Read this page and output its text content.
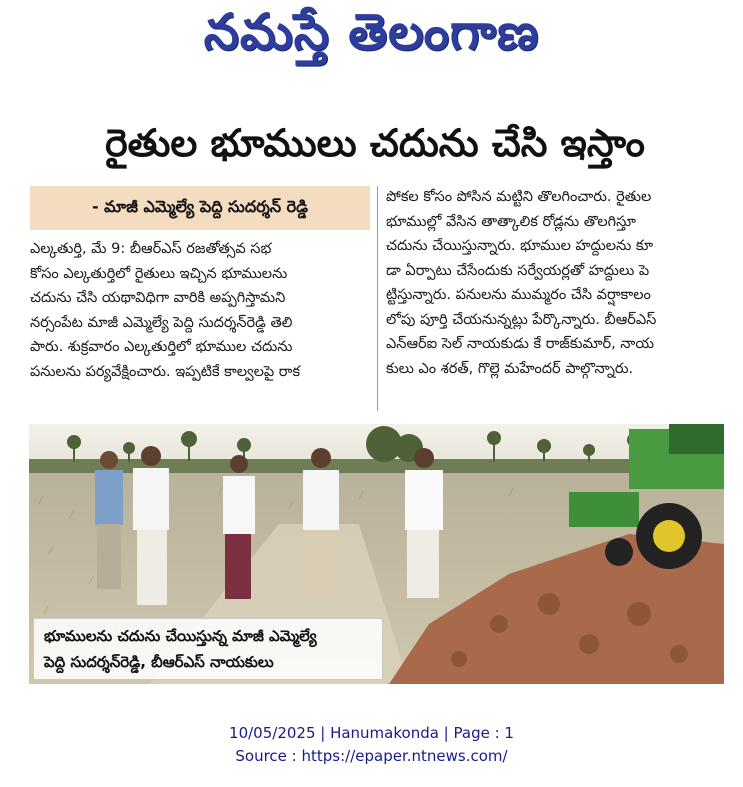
నమస్తే తెలంగాణ
రైతుల భూములు చదును చేసి ఇస్తాం
- మాజీ ఎమ్మెల్యే పెద్ది సుదర్శన్ రెడ్డి
ఎల్కతుర్తి, మే 9: బీఆర్ఎస్ రజతోత్సవ సభ
కోసం ఎల్కతుర్తిలో రైతులు ఇచ్చిన భూములను
చదును చేసి యథావిధిగా వారికి అప్పగిస్తామని
నర్సంపేట మాజీ ఎమ్మెల్యే పెద్ది సుదర్శన్‌రెడ్డి తెలి
పారు. శుక్రవారం ఎల్కతుర్తిలో భూముల చదును
పనులను పర్యవేక్షించారు. ఇప్పటికే కాల్వలపై రాక
పోకల కోసం పోసిన మట్టిని తొలగించారు. రైతుల
భూముల్లో వేసిన తాత్కాలిక రోడ్లను తొలగిస్తూ
చదును చేయిస్తున్నారు. భూముల హద్దులను కూ
డా ఏర్పాటు చేసేందుకు సర్వేయర్లతో హద్దులు పె
ట్టిస్తున్నారు. పనులను ముమ్మరం చేసి వర్షాకాలం
లోపు పూర్తి చేయనున్నట్లు పేర్కొన్నారు. బీఆర్ఎస్
ఎన్ఆర్ఐ సెల్ నాయకుడు కే రాజ్‌కుమార్, నాయ
కులు ఎం శరత్, గొల్లె మహేందర్ పాల్గొన్నారు.
భూములను చదును చేయిస్తున్న మాజీ ఎమ్మెల్యే
పెద్ది సుదర్శన్‌రెడ్డి, బీఆర్ఎస్ నాయకులు
10/05/2025 | Hanumakonda | Page : 1
Source : https://epaper.ntnews.com/
